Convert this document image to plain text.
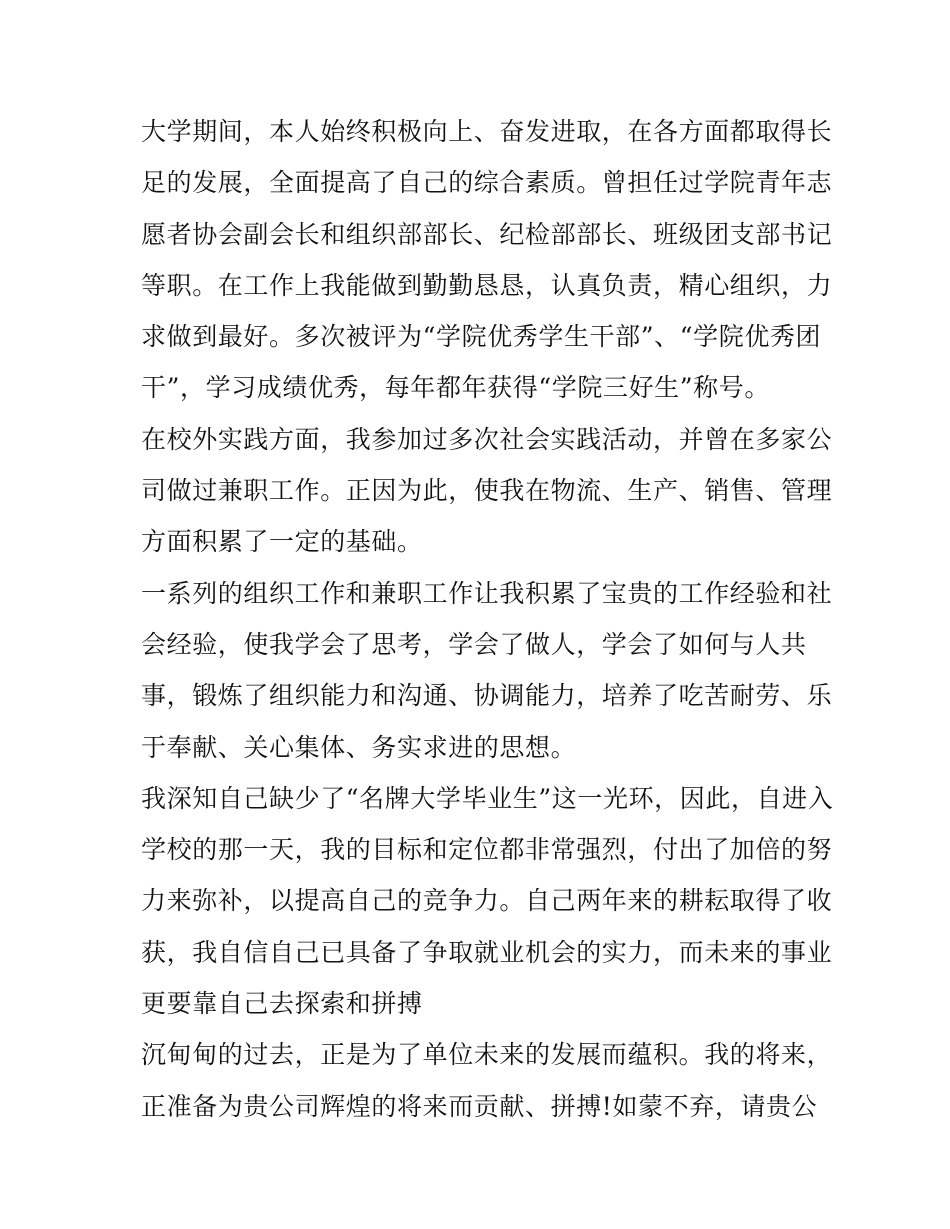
大学期间，本人始终积极向上、奋发进取，在各方面都取得长
足的发展，全面提高了自己的综合素质。曾担任过学院青年志
愿者协会副会长和组织部部长、纪检部部长、班级团支部书记
等职。在工作上我能做到勤勤恳恳，认真负责，精心组织，力
求做到最好。多次被评为“学院优秀学生干部”、“学院优秀团
干”，学习成绩优秀，每年都年获得“学院三好生”称号。
在校外实践方面，我参加过多次社会实践活动，并曾在多家公
司做过兼职工作。正因为此，使我在物流、生产、销售、管理
方面积累了一定的基础。
一系列的组织工作和兼职工作让我积累了宝贵的工作经验和社
会经验，使我学会了思考，学会了做人，学会了如何与人共
事，锻炼了组织能力和沟通、协调能力，培养了吃苦耐劳、乐
于奉献、关心集体、务实求进的思想。
我深知自己缺少了“名牌大学毕业生”这一光环，因此，自进入
学校的那一天，我的目标和定位都非常强烈，付出了加倍的努
力来弥补，以提高自己的竞争力。自己两年来的耕耘取得了收
获，我自信自己已具备了争取就业机会的实力，而未来的事业
更要靠自己去探索和拼搏
沉甸甸的过去，正是为了单位未来的发展而蕴积。我的将来，
正准备为贵公司辉煌的将来而贡献、拼搏!如蒙不弃，请贵公
